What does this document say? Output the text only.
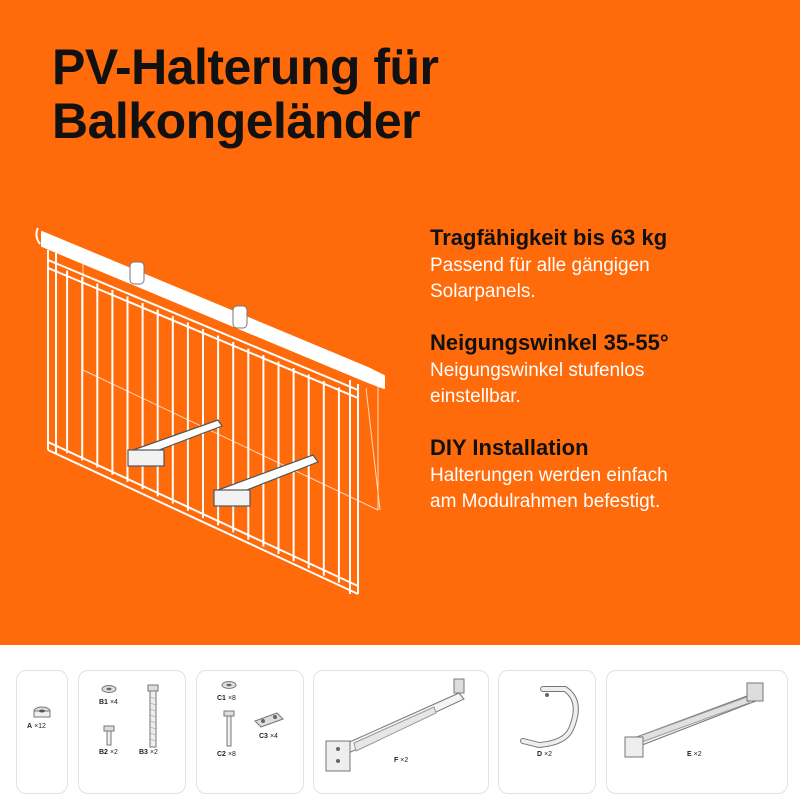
PV-Halterung für
Balkongeländer
Tragfähigkeit bis 63 kg

Passend für alle gängigen
Solarpanels.

Neigungswinkel 35-55°

Neigungswinkel stufenlos
einstellbar.

DIY Installation

Halterungen werden einfach
am Modulrahmen befestigt.

A ×12
B1 ×4
B2 ×2	B3 ×2
C1 ×8
C3 ×4
C2 ×8
F ×2
D ×2	E ×2
